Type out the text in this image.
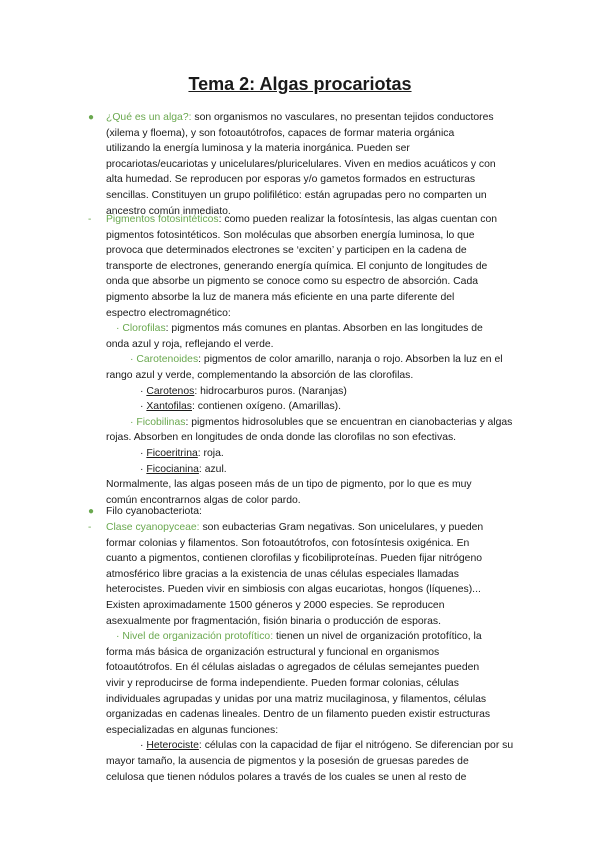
Tema 2: Algas procariotas
● ¿Qué es un alga?: son organismos no vasculares, no presentan tejidos conductores
(xilema y floema), y son fotoautótrofos, capaces de formar materia orgánica
utilizando la energía luminosa y la materia inorgánica. Pueden ser
procariotas/eucariotas y unicelulares/pluricelulares. Viven en medios acuáticos y con
alta humedad. Se reproducen por esporas y/o gametos formados en estructuras
sencillas. Constituyen un grupo polifilético: están agrupadas pero no comparten un
ancestro común inmediato.
- Pigmentos fotosintéticos: como pueden realizar la fotosíntesis, las algas cuentan con
pigmentos fotosintéticos. Son moléculas que absorben energía luminosa, lo que
provoca que determinados electrones se ‘exciten’ y participen en la cadena de
transporte de electrones, generando energía química. El conjunto de longitudes de
onda que absorbe un pigmento se conoce como su espectro de absorción. Cada
pigmento absorbe la luz de manera más eficiente en una parte diferente del
espectro electromagnético:
· Clorofilas: pigmentos más comunes en plantas. Absorben en las longitudes de
onda azul y roja, reflejando el verde.
· Carotenoides: pigmentos de color amarillo, naranja o rojo. Absorben la luz en el
rango azul y verde, complementando la absorción de las clorofilas.
· Carotenos: hidrocarburos puros. (Naranjas)
· Xantofilas: contienen oxígeno. (Amarillas).
· Ficobilinas: pigmentos hidrosolubles que se encuentran en cianobacterias y algas
rojas. Absorben en longitudes de onda donde las clorofilas no son efectivas.
· Ficoeritrina: roja.
· Ficocianina: azul.
Normalmente, las algas poseen más de un tipo de pigmento, por lo que es muy
común encontrarnos algas de color pardo.
● Filo cyanobacteriota:
- Clase cyanopyceae: son eubacterias Gram negativas. Son unicelulares, y pueden
formar colonias y filamentos. Son fotoautótrofos, con fotosíntesis oxigénica. En
cuanto a pigmentos, contienen clorofilas y ficobiliproteínas. Pueden fijar nitrógeno
atmosférico libre gracias a la existencia de unas células especiales llamadas
heterocistes. Pueden vivir en simbiosis con algas eucariotas, hongos (líquenes)...
Existen aproximadamente 1500 géneros y 2000 especies. Se reproducen
asexualmente por fragmentación, fisión binaria o producción de esporas.
· Nivel de organización protofítico: tienen un nivel de organización protofítico, la
forma más básica de organización estructural y funcional en organismos
fotoautótrofos. En él células aisladas o agregados de células semejantes pueden
vivir y reproducirse de forma independiente. Pueden formar colonias, células
individuales agrupadas y unidas por una matriz mucilaginosa, y filamentos, células
organizadas en cadenas lineales. Dentro de un filamento pueden existir estructuras
especializadas en algunas funciones:
· Heterociste: células con la capacidad de fijar el nitrógeno. Se diferencian por su
mayor tamaño, la ausencia de pigmentos y la posesión de gruesas paredes de
celulosa que tienen nódulos polares a través de los cuales se unen al resto de
